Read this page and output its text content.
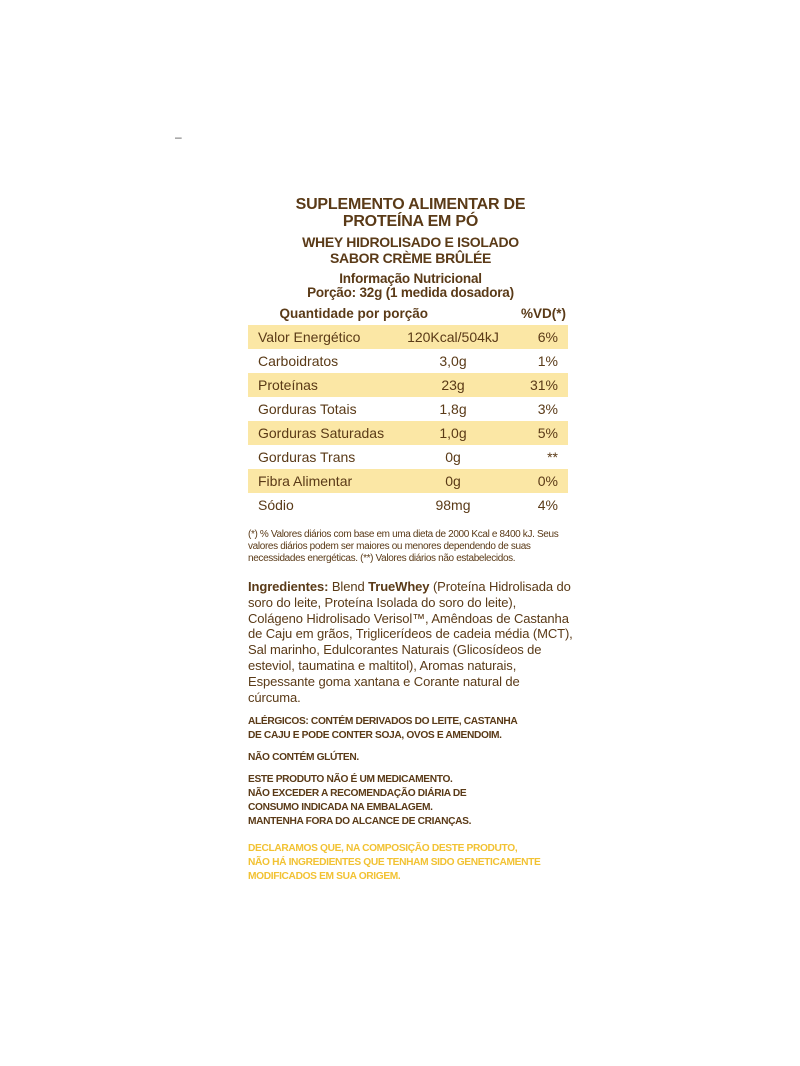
–
SUPLEMENTO ALIMENTAR DE
PROTEÍNA EM PÓ
WHEY HIDROLISADO E ISOLADO
SABOR CRÈME BRÛLÉE
Informação Nutricional
Porção: 32g (1 medida dosadora)
Quantidade por porção	%VD(*)
Valor Energético	120Kcal/504kJ	6%
Carboidratos	3,0g	1%
Proteínas	23g	31%
Gorduras Totais	1,8g	3%
Gorduras Saturadas	1,0g	5%
Gorduras Trans	0g	**
Fibra Alimentar	0g	0%
Sódio	98mg	4%
(*) % Valores diários com base em uma dieta de 2000 Kcal e 8400 kJ. Seus valores diários podem ser maiores ou menores dependendo de suas necessidades energéticas. (**) Valores diários não estabelecidos.
Ingredientes: Blend TrueWhey (Proteína Hidrolisada do soro do leite, Proteína Isolada do soro do leite), Colágeno Hidrolisado Verisol™, Amêndoas de Castanha de Caju em grãos, Triglicerídeos de cadeia média (MCT), Sal marinho, Edulcorantes Naturais (Glicosídeos de esteviol, taumatina e maltitol), Aromas naturais, Espessante goma xantana e Corante natural de cúrcuma.
ALÉRGICOS: CONTÉM DERIVADOS DO LEITE, CASTANHA
DE CAJU E PODE CONTER SOJA, OVOS E AMENDOIM.
NÃO CONTÉM GLÚTEN.
ESTE PRODUTO NÃO É UM MEDICAMENTO.
NÃO EXCEDER A RECOMENDAÇÃO DIÁRIA DE
CONSUMO INDICADA NA EMBALAGEM.
MANTENHA FORA DO ALCANCE DE CRIANÇAS.
DECLARAMOS QUE, NA COMPOSIÇÃO DESTE PRODUTO,
NÃO HÁ INGREDIENTES QUE TENHAM SIDO GENETICAMENTE
MODIFICADOS EM SUA ORIGEM.
